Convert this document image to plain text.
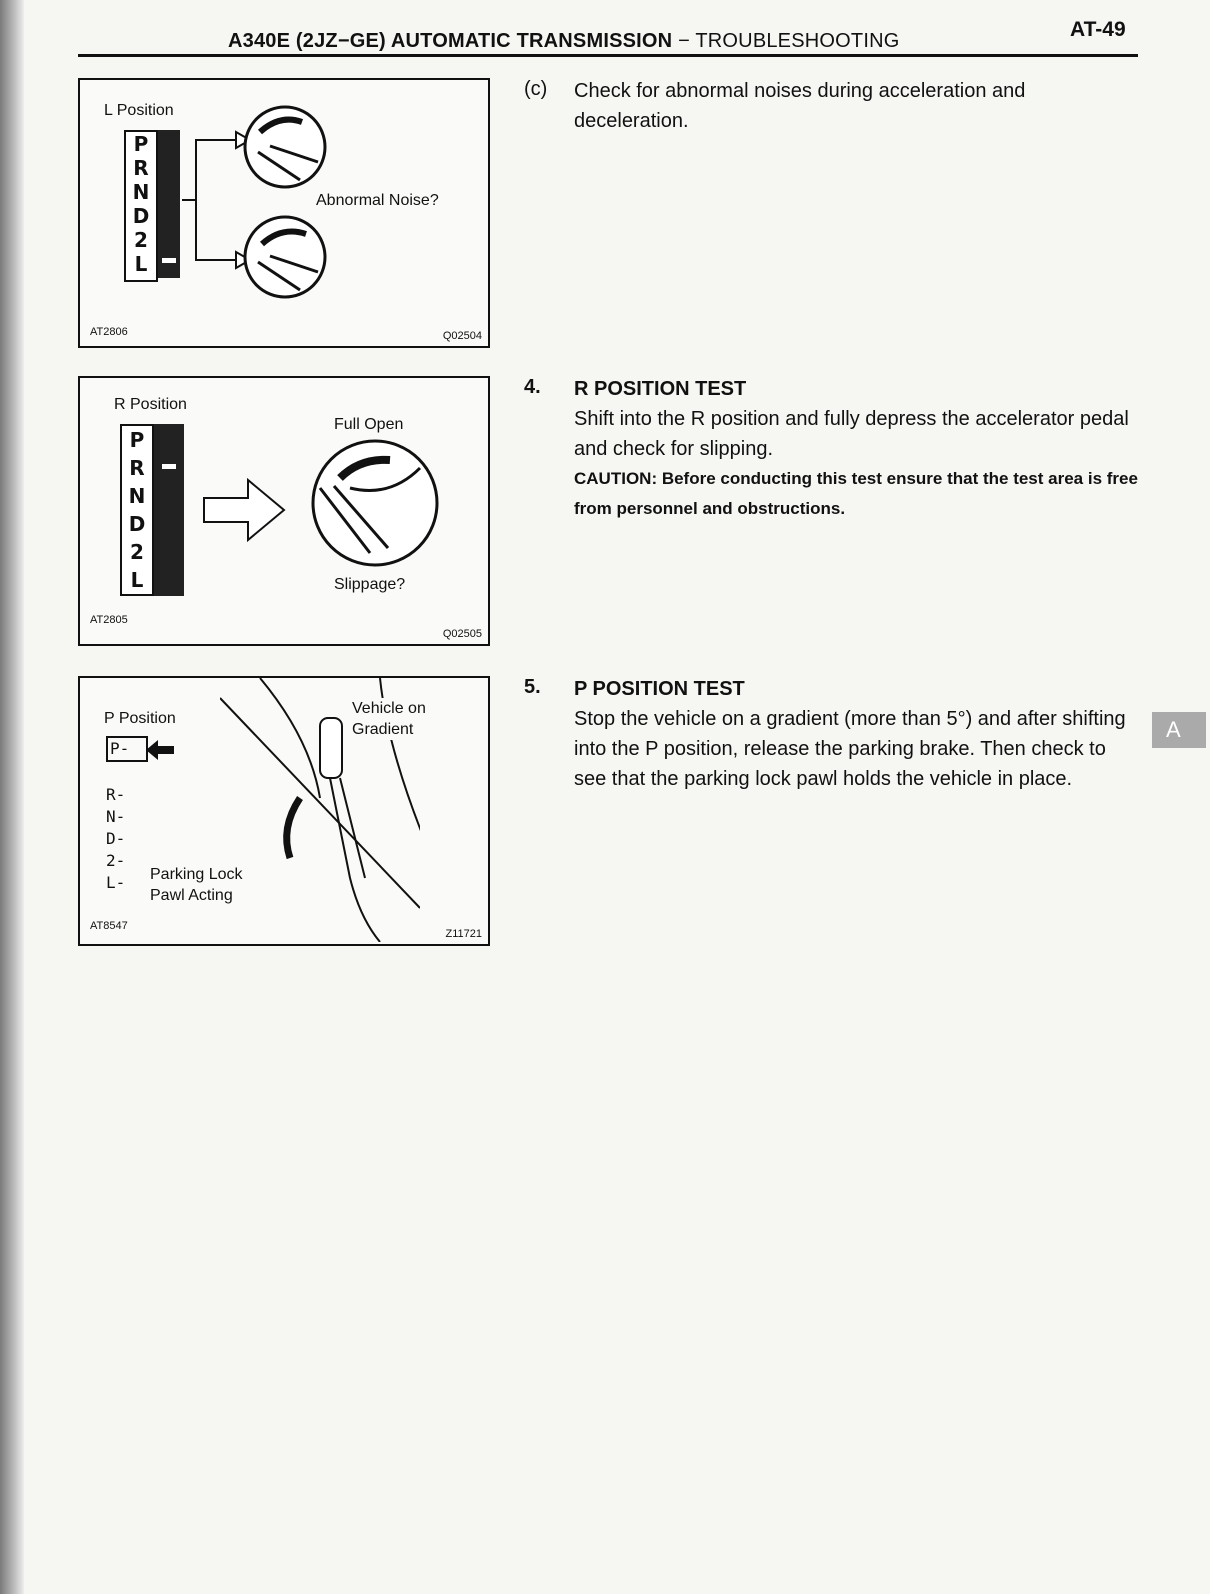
A340E (2JZ−GE) AUTOMATIC TRANSMISSION − TROUBLESHOOTING	AT-49
L Position
P
R
N
D
2
L
Abnormal Noise?
AT2806	Q02504
R Position
P
R
N
D
2
L
Full Open
Slippage?
AT2805
Q02505
P Position
P-
R-
N-
D-
2-
L-
Vehicle on Gradient
Parking Lock Pawl Acting
AT8547
Z11721
(c) Check for abnormal noises during acceleration and deceleration.
4. R POSITION TEST
Shift into the R position and fully depress the accelerator pedal and check for slipping.
CAUTION: Before conducting this test ensure that the test area is free from personnel and obstructions.
5. P POSITION TEST
Stop the vehicle on a gradient (more than 5°) and after shifting into the P position, release the parking brake. Then check to see that the parking lock pawl holds the vehicle in place.
A
